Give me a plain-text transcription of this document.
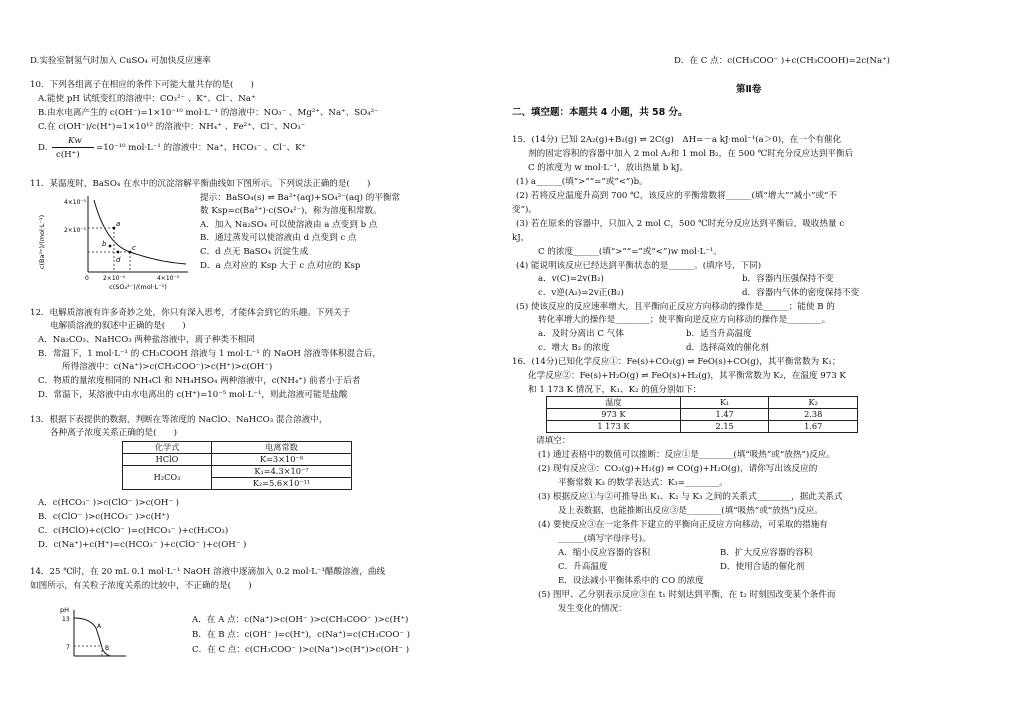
D.实验室制氢气时加入 CuSO₄ 可加快反应速率
10．下列各组离子在相应的条件下可能大量共存的是(　　)
A.能使 pH 试纸变红的溶液中：CO₃²⁻ 、K⁺、Cl⁻、Na⁺
B.由水电离产生的 c(OH⁻)=1×10⁻¹⁰ mol·L⁻¹ 的溶液中：NO₃⁻ 、Mg²⁺、Na⁺、SO₄²⁻
C.在 c(OH⁻)/c(H⁺)=1×10¹² 的溶液中：NH₄⁺ 、Fe²⁺、Cl⁻、NO₃⁻
D.
Kw
c(H⁺)
=10⁻¹⁰ mol·L⁻¹ 的溶液中：Na⁺、HCO₃⁻ 、Cl⁻、K⁺
11．某温度时，BaSO₄ 在水中的沉淀溶解平衡曲线如下图所示。下列说法正确的是(　　)
提示：BaSO₄(s) ⇌ Ba²⁺(aq)+SO₄²⁻(aq) 的平衡常
数 Ksp=c(Ba²⁺)·c(SO₄²⁻)，称为溶度积常数。
A．加入 Na₂SO₄ 可以使溶液由 a 点变到 b 点
B．通过蒸发可以使溶液由 d 点变到 c 点
C．d 点无 BaSO₄ 沉淀生成
D．a 点对应的 Ksp 大于 c 点对应的 Ksp
12．电解质溶液有许多奇妙之处，你只有深入思考，才能体会到它的乐趣。下列关于
电解质溶液的叙述中正确的是(　　)
A．Na₂CO₃、NaHCO₃ 两种盐溶液中，离子种类不相同
B．常温下，1 mol·L⁻¹ 的 CH₃COOH 溶液与 1 mol·L⁻¹ 的 NaOH 溶液等体积混合后，
所得溶液中：c(Na⁺)>c(CH₃COO⁻)>c(H⁺)>c(OH⁻)
C．物质的量浓度相同的 NH₄Cl 和 NH₄HSO₄ 两种溶液中，c(NH₄⁺) 前者小于后者
D．常温下，某溶液中由水电离出的 c(H⁺)=10⁻⁵ mol·L⁻¹，则此溶液可能是盐酸
13．根据下表提供的数据，判断在等浓度的 NaClO、NaHCO₃ 混合溶液中，
各种离子浓度关系正确的是(　　)
化学式	电离常数
HClO	K=3×10⁻⁸
H₂CO₃	K₁=4.3×10⁻⁷
	K₂=5.6×10⁻¹¹
A．c(HCO₃⁻ )>c(ClO⁻ )>c(OH⁻ )
B．c(ClO⁻ )>c(HCO₃⁻ )>c(H⁺)
C．c(HClO)+c(ClO⁻ )=c(HCO₃⁻ )+c(H₂CO₃)
D．c(Na⁺)+c(H⁺)=c(HCO₃⁻ )+c(ClO⁻ )+c(OH⁻ )
14．25 ℃时，在 20 mL 0.1 mol·L⁻¹ NaOH 溶液中逐滴加入 0.2 mol·L⁻¹醋酸溶液，曲线
如图所示，有关粒子浓度关系的比较中，不正确的是(　　)
A．在 A 点：c(Na⁺)>c(OH⁻ )>c(CH₃COO⁻ )>c(H⁺)
B．在 B 点：c(OH⁻ )=c(H⁺)，c(Na⁺)=c(CH₃COO⁻ )
C．在 C 点：c(CH₃COO⁻ )>c(Na⁺)>c(H⁺)>c(OH⁻ )
c(Ba²⁺)/(mol·L⁻¹)
4×10⁻⁵
2×10⁻⁵
0 2×10⁻⁵	4×10⁻⁵
c(SO₄²⁻)/(mol·L⁻¹)
a
b	c
d
pH
13
7
A
B
D．在 C 点：c(CH₃COO⁻ )+c(CH₃COOH)=2c(Na⁺)
第Ⅱ卷
二、填空题：本题共 4 小题，共 58 分。
15．(14分) 已知 2A₂(g)+B₂(g) ⇌ 2C(g)　ΔH=－a kJ·mol⁻¹(a＞0)，在一个有催化
剂的固定容积的容器中加入 2 mol A₂和 1 mol B₂，在 500 ℃时充分反应达到平衡后
C 的浓度为 w mol·L⁻¹，放出热量 b kJ。
(1) a______(填“>”“=”或“<”)b。
(2) 若将反应温度升高到 700 ℃，该反应的平衡常数将______(填“增大”“减小”或“不
变”)。
(3) 若在原来的容器中，只加入 2 mol C，500 ℃时充分反应达到平衡后，吸收热量 c
kJ，
C 的浓度______(填“>”“=”或“<”)w mol·L⁻¹。
(4) 能说明该反应已经达到平衡状态的是______。(填序号，下同)
a．v(C)=2v(B₂)	b．容器内压强保持不变
c．v逆(A₂)=2v正(B₂)	d．容器内气体的密度保持不变
(5) 使该反应的反应速率增大，且平衡向正反应方向移动的操作是______；能使 B 的
转化率增大的操作是________；使平衡向逆反应方向移动的操作是________。
a．及时分离出 C 气体	b．适当升高温度
c．增大 B₂ 的浓度	d．选择高效的催化剂
16．(14分)已知化学反应①：Fe(s)+CO₂(g) ⇌ FeO(s)+CO(g)，其平衡常数为 K₁；
化学反应②：Fe(s)+H₂O(g) ⇌ FeO(s)+H₂(g)，其平衡常数为 K₂，在温度 973 K
和 1 173 K 情况下，K₁、K₂ 的值分别如下：
温度	K₁	K₂
973 K	1.47	2.38
1 173 K	2.15	1.67
请填空：
(1) 通过表格中的数值可以推断：反应①是________(填“吸热”或“放热”)反应。
(2) 现有反应③：CO₂(g)+H₂(g) ⇌ CO(g)+H₂O(g)，请你写出该反应的
平衡常数 K₃ 的数学表达式：K₃=________。
(3) 根据反应①与②可推导出 K₁、K₂ 与 K₃ 之间的关系式________，据此关系式
及上表数据，也能推断出反应③是________(填“吸热”或“放热”)反应。
(4) 要使反应③在一定条件下建立的平衡向正反应方向移动，可采取的措施有
______(填写字母序号)。
A．缩小反应容器的容积	B．扩大反应容器的容积
C．升高温度	D．使用合适的催化剂
E．设法减小平衡体系中的 CO 的浓度
(5) 图甲、乙分别表示反应③在 t₁ 时刻达到平衡，在 t₂ 时刻因改变某个条件而
发生变化的情况：
